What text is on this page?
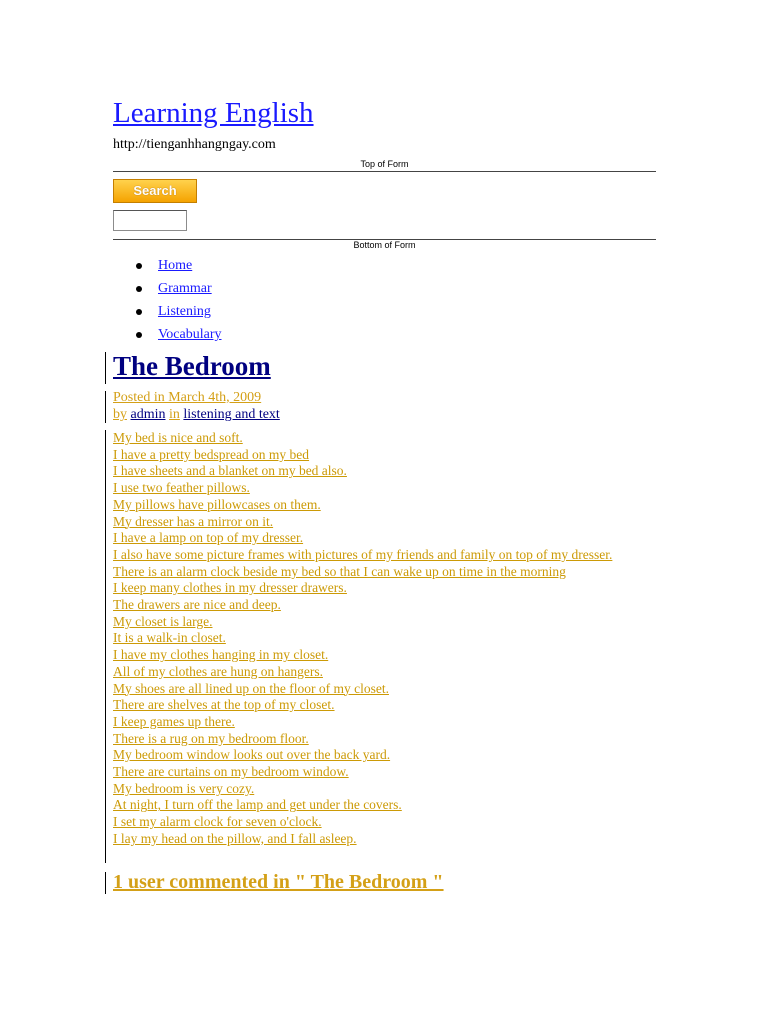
Learning English
http://tienganhhangngay.com
Top of Form
Search
Bottom of Form
Home
Grammar
Listening
Vocabulary
The Bedroom
Posted in March 4th, 2009
by admin in listening and text

My bed is nice and soft.

I have a pretty bedspread on my bed

I have sheets and a blanket on my bed also.

I use two feather pillows.

My pillows have pillowcases on them.

My dresser has a mirror on it.

I have a lamp on top of my dresser.

I also have some picture frames with pictures of my friends and family on top of my dresser.

There is an alarm clock beside my bed so that I can wake up on time in the morning

I keep many clothes in my dresser drawers.

The drawers are nice and deep.

My closet is large.

It is a walk-in closet.

I have my clothes hanging in my closet.

All of my clothes are hung on hangers.

My shoes are all lined up on the floor of my closet.

There are shelves at the top of my closet.

I keep games up there.

There is a rug on my bedroom floor.

My bedroom window looks out over the back yard.

There are curtains on my bedroom window.

My bedroom is very cozy.

At night, I turn off the lamp and get under the covers.

I set my alarm clock for seven o'clock.

I lay my head on the pillow, and I fall asleep.

1 user commented in " The Bedroom "
